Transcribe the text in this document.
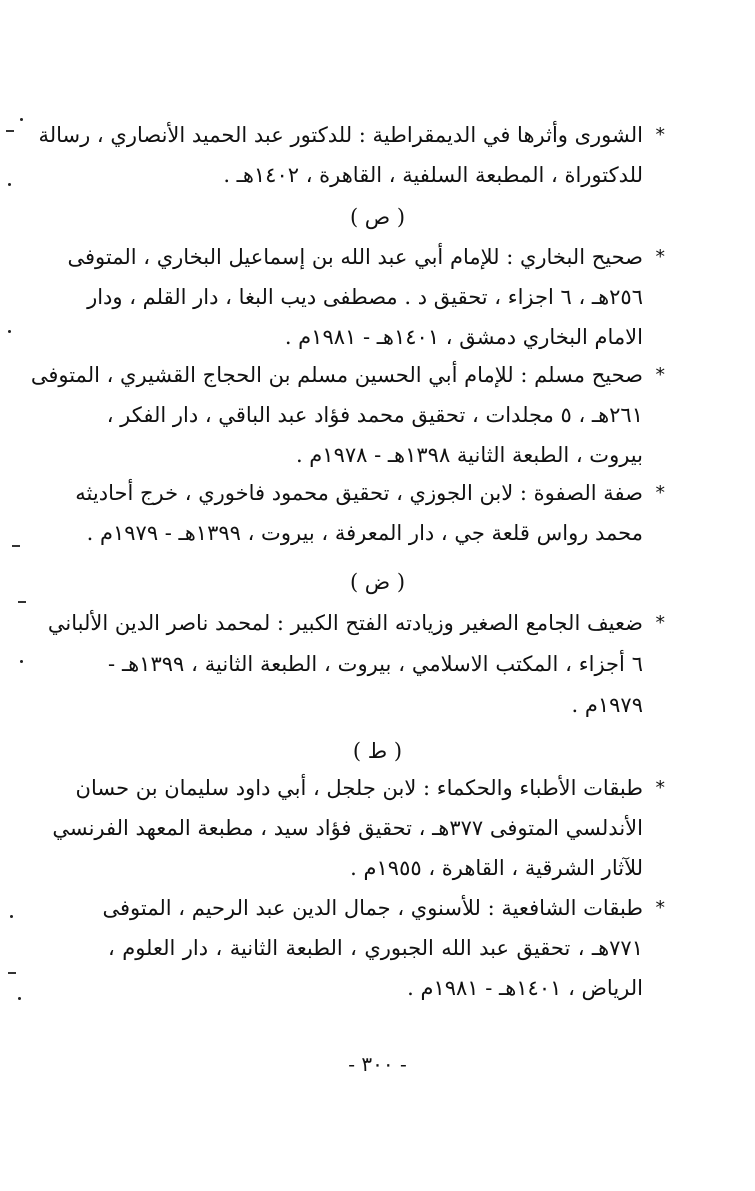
*
الشورى وأثرها في الديمقراطية : للدكتور عبد الحميد الأنصاري ، رسالة
للدكتوراة ، المطبعة السلفية ، القاهرة ، ١٤٠٢هـ .
( ص )
*
صحيح البخاري : للإمام أبي عبد الله بن إسماعيل البخاري ، المتوفى
٢٥٦هـ ، ٦ اجزاء ، تحقيق د . مصطفى ديب البغا ، دار القلم ، ودار
الامام البخاري دمشق ، ١٤٠١هـ - ١٩٨١م .
*
صحيح مسلم : للإمام أبي الحسين مسلم بن الحجاج القشيري ، المتوفى
٢٦١هـ ، ٥ مجلدات ، تحقيق محمد فؤاد عبد الباقي ، دار الفكر ،
بيروت ، الطبعة الثانية ١٣٩٨هـ - ١٩٧٨م .
*
صفة الصفوة : لابن الجوزي ، تحقيق محمود فاخوري ، خرج أحاديثه
محمد رواس قلعة جي ، دار المعرفة ، بيروت ، ١٣٩٩هـ - ١٩٧٩م .
( ض )
*
ضعيف الجامع الصغير وزيادته الفتح الكبير : لمحمد ناصر الدين الألباني
٦ أجزاء ، المكتب الاسلامي ، بيروت ، الطبعة الثانية ، ١٣٩٩هـ -
١٩٧٩م .
( ط )
*
طبقات الأطباء والحكماء : لابن جلجل ، أبي داود سليمان بن حسان
الأندلسي المتوفى ٣٧٧هـ ، تحقيق فؤاد سيد ، مطبعة المعهد الفرنسي
للآثار الشرقية ، القاهرة ، ١٩٥٥م .
*
طبقات الشافعية : للأسنوي ، جمال الدين عبد الرحيم ، المتوفى
٧٧١هـ ، تحقيق عبد الله الجبوري ، الطبعة الثانية ، دار العلوم ،
الرياض ، ١٤٠١هـ - ١٩٨١م .
- ٣٠٠ -
